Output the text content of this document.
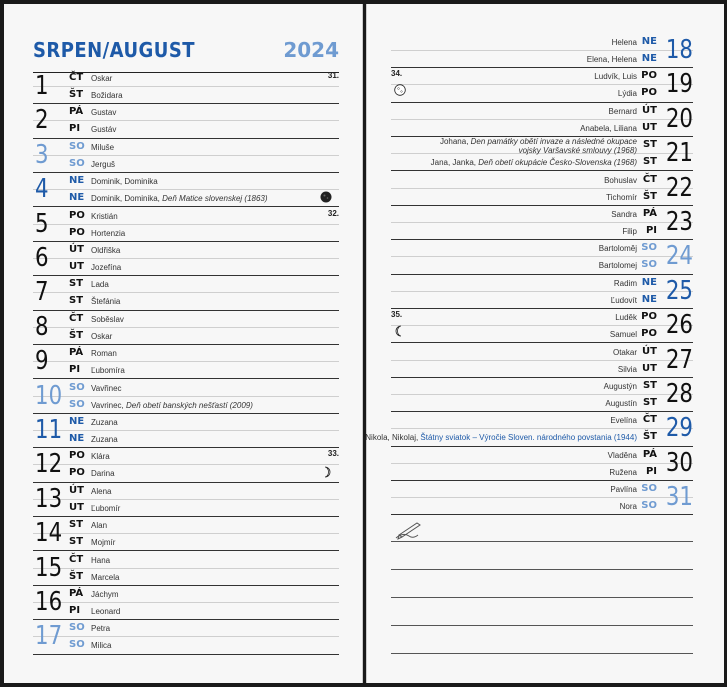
SRPEN/AUGUST	2024
1 ČT
ŠT
Oskar
Božidara
31.
2 PÁ
PI
Gustav
Gustáv
3 SO
SO
Miluše
Jerguš
4 NE
NE
Dominik, Dominika
Dominik, Dominika, Deň Matice slovenskej (1863)
5 PO
PO
Kristián
Hortenzia
32.
6 ÚT
UT
Oldřiška
Jozefína
7 ST
ST
Lada
Štefánia
8 ČT
ŠT
Soběslav
Oskar
9 PÁ
PI
Roman
Ľubomíra
10 SO
SO
Vavřinec
Vavrinec, Deň obetí banských nešťastí (2009)
11 NE
NE
Zuzana
Zuzana
12 PO
PO
Klára
Darina
33.
13 ÚT
UT
Alena
Ľubomír
14 ST
ST
Alan
Mojmír
15 ČT
ŠT
Hana
Marcela
16 PÁ
PI
Jáchym
Leonard
17 SO
SO
Petra
Milica
18
NE
NE
Helena
Elena, Helena
19
PO
PO
Ludvík, Luis
Lýdia
34.
20
ÚT
UT
Bernard
Anabela, Liliana
21
ST
ST
Johana, Den památky obětí invaze a následné okupace vojsky Varšavské smlouvy (1968)
Jana, Janka, Deň obetí okupácie Česko-Slovenska (1968)
22
ČT
ŠT
Bohuslav
Tichomír
23
PÁ
PI
Sandra
Filip
24
SO
SO
Bartoloměj
Bartolomej
25
NE
NE
Radim
Ľudovít
26
PO
PO
Luděk
Samuel
35.
27
ÚT
UT
Otakar
Silvia
28
ST
ST
Augustýn
Augustín
29
ČT
ŠT
Evelína
Nikola, Nikolaj, Štátny sviatok – Výročie Sloven. národného povstania (1944)
30
PÁ
PI
Vladěna
Ružena
31
SO
SO
Pavlína
Nora
